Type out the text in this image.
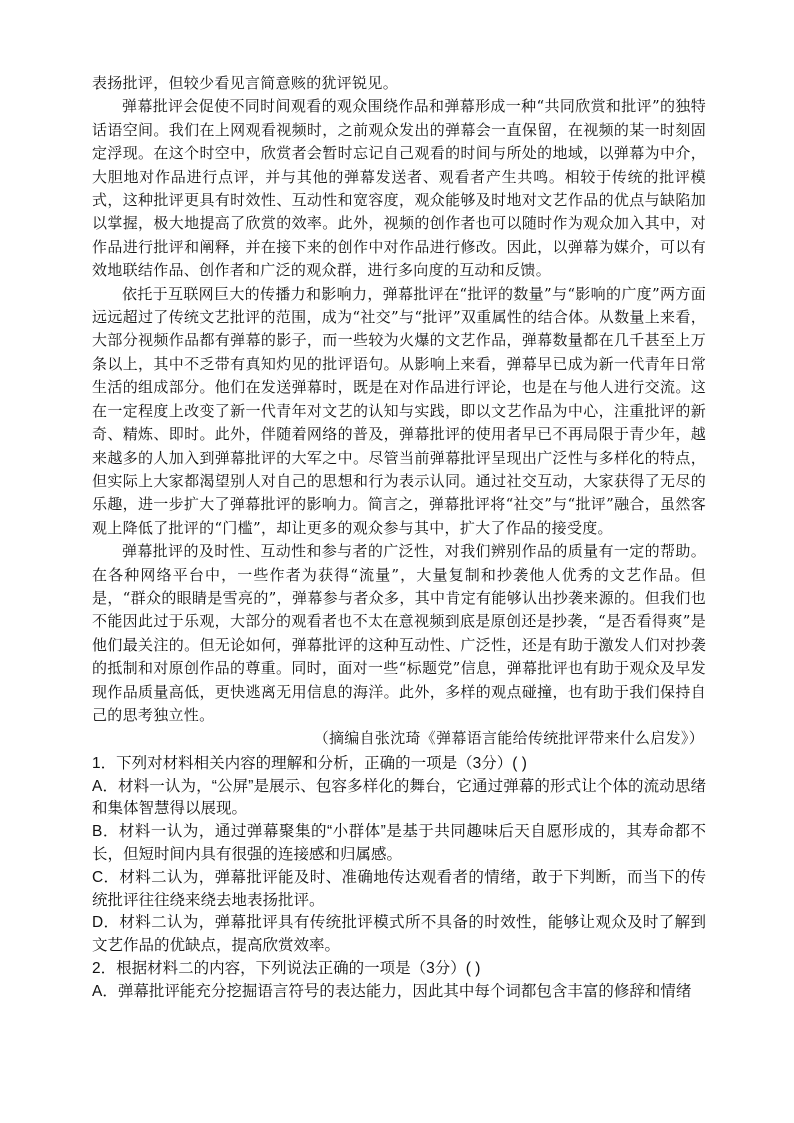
表扬批评，但较少看见言简意赅的犹评锐见。

弹幕批评会促使不同时间观看的观众围绕作品和弹幕形成一种“共同欣赏和批评”的独特话语空间。我们在上网观看视频时，之前观众发出的弹幕会一直保留，在视频的某一时刻固定浮现。在这个时空中，欣赏者会暂时忘记自己观看的时间与所处的地域，以弹幕为中介，大胆地对作品进行点评，并与其他的弹幕发送者、观看者产生共鸣。相较于传统的批评模式，这种批评更具有时效性、互动性和宽容度，观众能够及时地对文艺作品的优点与缺陷加以掌握，极大地提高了欣赏的效率。此外，视频的创作者也可以随时作为观众加入其中，对作品进行批评和阐释，并在接下来的创作中对作品进行修改。因此，以弹幕为媒介，可以有效地联结作品、创作者和广泛的观众群，进行多向度的互动和反馈。

依托于互联网巨大的传播力和影响力，弹幕批评在“批评的数量”与“影响的广度”两方面远远超过了传统文艺批评的范围，成为“社交”与“批评”双重属性的结合体。从数量上来看，大部分视频作品都有弹幕的影子，而一些较为火爆的文艺作品，弹幕数量都在几千甚至上万条以上，其中不乏带有真知灼见的批评语句。从影响上来看，弹幕早已成为新一代青年日常生活的组成部分。他们在发送弹幕时，既是在对作品进行评论，也是在与他人进行交流。这在一定程度上改变了新一代青年对文艺的认知与实践，即以文艺作品为中心，注重批评的新奇、精炼、即时。此外，伴随着网络的普及，弹幕批评的使用者早已不再局限于青少年，越来越多的人加入到弹幕批评的大军之中。尽管当前弹幕批评呈现出广泛性与多样化的特点，但实际上大家都渴望别人对自己的思想和行为表示认同。通过社交互动，大家获得了无尽的乐趣，进一步扩大了弹幕批评的影响力。简言之，弹幕批评将“社交”与“批评”融合，虽然客观上降低了批评的“门槛”，却让更多的观众参与其中，扩大了作品的接受度。

弹幕批评的及时性、互动性和参与者的广泛性，对我们辨别作品的质量有一定的帮助。在各种网络平台中，一些作者为获得“流量”，大量复制和抄袭他人优秀的文艺作品。但是，“群众的眼睛是雪亮的”，弹幕参与者众多，其中肯定有能够认出抄袭来源的。但我们也不能因此过于乐观，大部分的观看者也不太在意视频到底是原创还是抄袭，“是否看得爽”是他们最关注的。但无论如何，弹幕批评的这种互动性、广泛性，还是有助于激发人们对抄袭的抵制和对原创作品的尊重。同时，面对一些“标题党”信息，弹幕批评也有助于观众及早发现作品质量高低，更快逃离无用信息的海洋。此外，多样的观点碰撞，也有助于我们保持自己的思考独立性。

（摘编自张沈琦《弹幕语言能给传统批评带来什么启发》）

1．下列对材料相关内容的理解和分析，正确的一项是（3分）( )

A．材料一认为，“公屏”是展示、包容多样化的舞台，它通过弹幕的形式让个体的流动思绪和集体智慧得以展现。

B．材料一认为，通过弹幕聚集的“小群体”是基于共同趣味后天自愿形成的，其寿命都不长，但短时间内具有很强的连接感和归属感。

C．材料二认为，弹幕批评能及时、准确地传达观看者的情绪，敢于下判断，而当下的传统批评往往绕来绕去地表扬批评。

D．材料二认为，弹幕批评具有传统批评模式所不具备的时效性，能够让观众及时了解到文艺作品的优缺点，提高欣赏效率。

2．根据材料二的内容，下列说法正确的一项是（3分）( )

A．弹幕批评能充分挖掘语言符号的表达能力，因此其中每个词都包含丰富的修辞和情绪
